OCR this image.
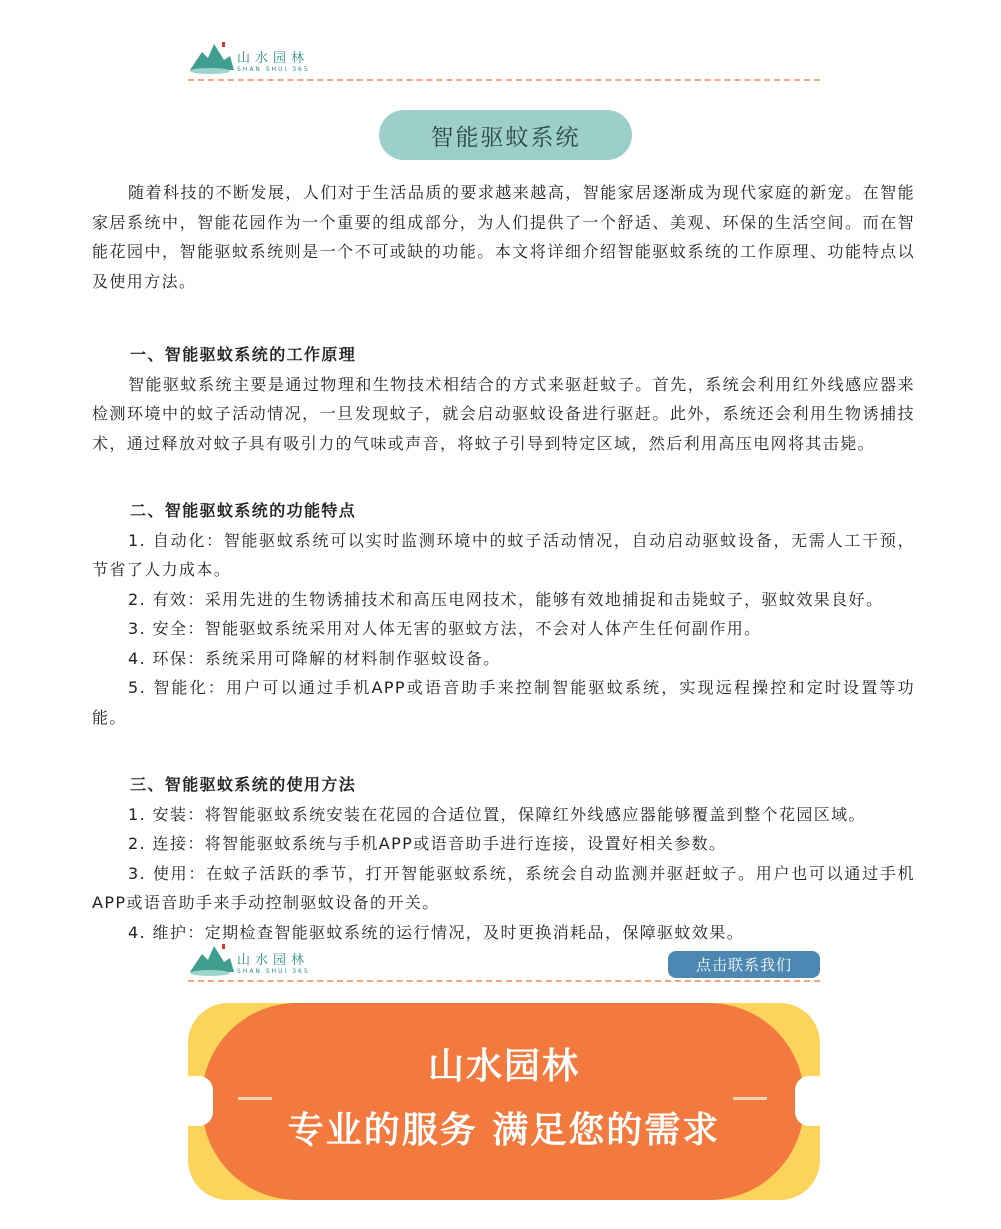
山水园林
SHAN SHUI 365
智能驱蚊系统

随着科技的不断发展，人们对于生活品质的要求越来越高，智能家居逐渐成为现代家庭的新宠。在智能家居系统中，智能花园作为一个重要的组成部分，为人们提供了一个舒适、美观、环保的生活空间。而在智能花园中，智能驱蚊系统则是一个不可或缺的功能。本文将详细介绍智能驱蚊系统的工作原理、功能特点以及使用方法。

一、智能驱蚊系统的工作原理

智能驱蚊系统主要是通过物理和生物技术相结合的方式来驱赶蚊子。首先，系统会利用红外线感应器来检测环境中的蚊子活动情况，一旦发现蚊子，就会启动驱蚊设备进行驱赶。此外，系统还会利用生物诱捕技术，通过释放对蚊子具有吸引力的气味或声音，将蚊子引导到特定区域，然后利用高压电网将其击毙。

二、智能驱蚊系统的功能特点

1. 自动化：智能驱蚊系统可以实时监测环境中的蚊子活动情况，自动启动驱蚊设备，无需人工干预，节省了人力成本。

2. 有效：采用先进的生物诱捕技术和高压电网技术，能够有效地捕捉和击毙蚊子，驱蚊效果良好。

3. 安全：智能驱蚊系统采用对人体无害的驱蚊方法，不会对人体产生任何副作用。

4. 环保：系统采用可降解的材料制作驱蚊设备。

5. 智能化：用户可以通过手机APP或语音助手来控制智能驱蚊系统，实现远程操控和定时设置等功能。

三、智能驱蚊系统的使用方法

1. 安装：将智能驱蚊系统安装在花园的合适位置，保障红外线感应器能够覆盖到整个花园区域。

2. 连接：将智能驱蚊系统与手机APP或语音助手进行连接，设置好相关参数。

3. 使用：在蚊子活跃的季节，打开智能驱蚊系统，系统会自动监测并驱赶蚊子。用户也可以通过手机APP或语音助手来手动控制驱蚊设备的开关。

4. 维护：定期检查智能驱蚊系统的运行情况，及时更换消耗品，保障驱蚊效果。

山水园林
SHAN SHUI 365	点击联系我们
山水园林
专业的服务 满足您的需求
